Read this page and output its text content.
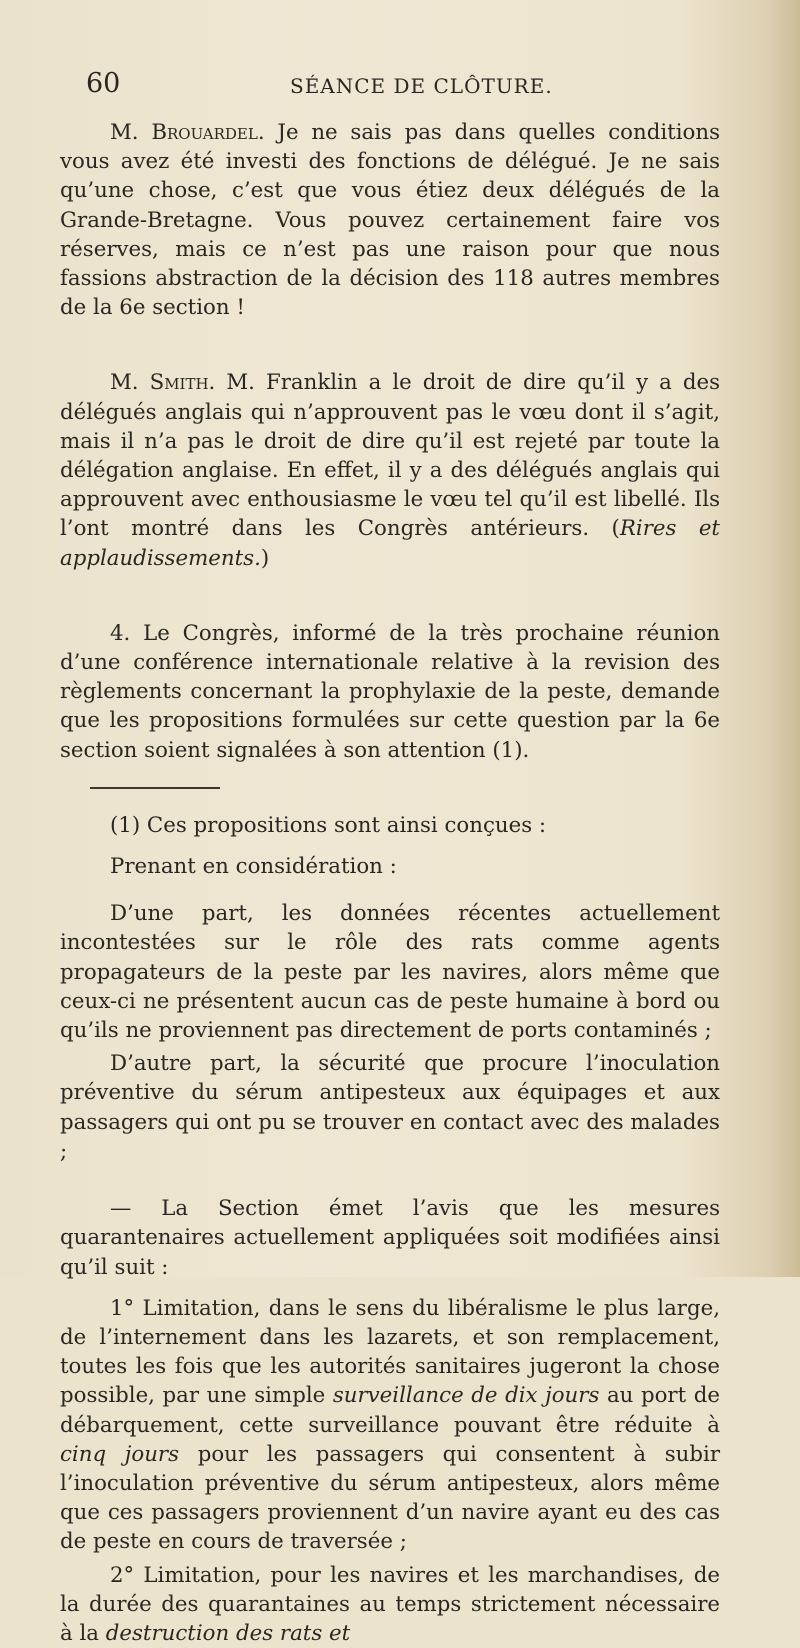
60	SÉANCE DE CLÔTURE.

M. Brouardel. Je ne sais pas dans quelles conditions vous avez été investi des fonctions de délégué. Je ne sais qu’une chose, c’est que vous étiez deux délégués de la Grande-Bretagne. Vous pouvez certainement faire vos réserves, mais ce n’est pas une raison pour que nous fassions abstraction de la décision des 118 autres membres de la 6e section !

M. Smith. M. Franklin a le droit de dire qu’il y a des délégués anglais qui n’approuvent pas le vœu dont il s’agit, mais il n’a pas le droit de dire qu’il est rejeté par toute la délégation anglaise. En effet, il y a des délégués anglais qui approuvent avec enthousiasme le vœu tel qu’il est libellé. Ils l’ont montré dans les Congrès antérieurs. (Rires et applaudissements.)

4. Le Congrès, informé de la très prochaine réunion d’une conférence internationale relative à la revision des règlements concernant la prophylaxie de la peste, demande que les propositions formulées sur cette question par la 6e section soient signalées à son attention (1).

(1) Ces propositions sont ainsi conçues :

Prenant en considération :

D’une part, les données récentes actuellement incontestées sur le rôle des rats comme agents propagateurs de la peste par les navires, alors même que ceux-ci ne présentent aucun cas de peste humaine à bord ou qu’ils ne proviennent pas directement de ports contaminés ;

D’autre part, la sécurité que procure l’inoculation préventive du sérum antipesteux aux équipages et aux passagers qui ont pu se trouver en contact avec des malades ;

— La Section émet l’avis que les mesures quarantenaires actuellement appliquées soit modifiées ainsi qu’il suit :

1° Limitation, dans le sens du libéralisme le plus large, de l’internement dans les lazarets, et son remplacement, toutes les fois que les autorités sanitaires jugeront la chose possible, par une simple surveillance de dix jours au port de débarquement, cette surveillance pouvant être réduite à cinq jours pour les passagers qui consentent à subir l’inoculation préventive du sérum antipesteux, alors même que ces passagers proviennent d’un navire ayant eu des cas de peste en cours de traversée ;

2° Limitation, pour les navires et les marchandises, de la durée des quarantaines au temps strictement nécessaire à la destruction des rats et
